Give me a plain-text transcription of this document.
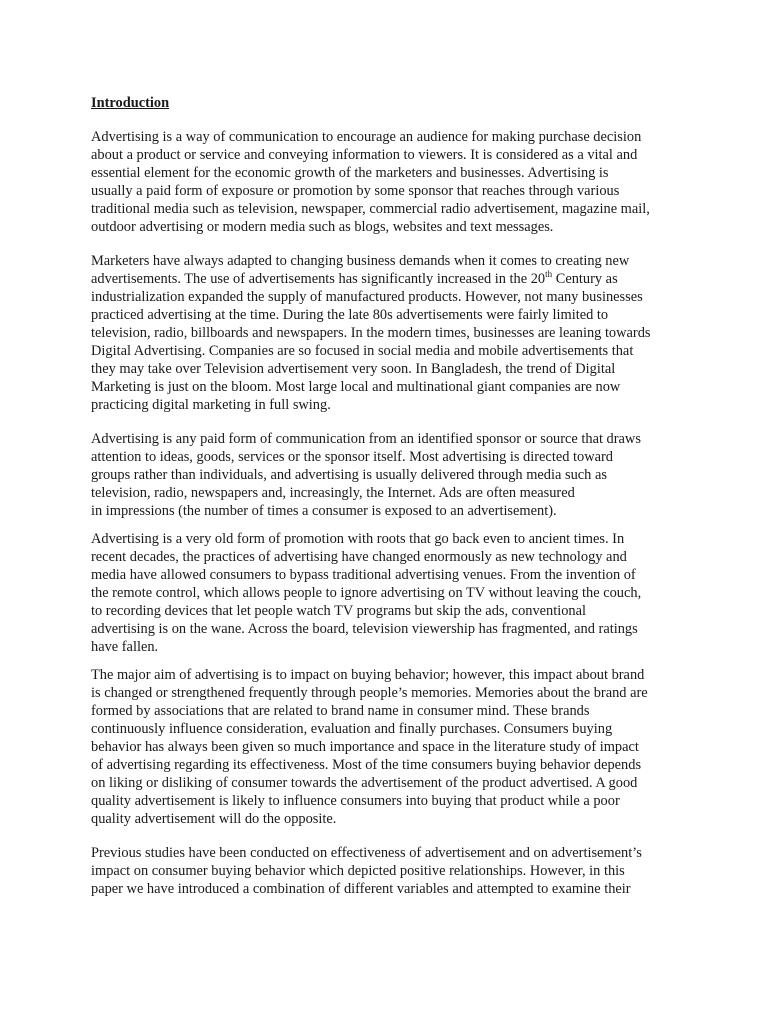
Introduction
Advertising is a way of communication to encourage an audience for making purchase decision
about a product or service and conveying information to viewers. It is considered as a vital and
essential element for the economic growth of the marketers and businesses. Advertising is
usually a paid form of exposure or promotion by some sponsor that reaches through various
traditional media such as television, newspaper, commercial radio advertisement, magazine mail,
outdoor advertising or modern media such as blogs, websites and text messages.
Marketers have always adapted to changing business demands when it comes to creating new
advertisements. The use of advertisements has significantly increased in the 20th Century as
industrialization expanded the supply of manufactured products. However, not many businesses
practiced advertising at the time. During the late 80s advertisements were fairly limited to
television, radio, billboards and newspapers. In the modern times, businesses are leaning towards
Digital Advertising. Companies are so focused in social media and mobile advertisements that
they may take over Television advertisement very soon. In Bangladesh, the trend of Digital
Marketing is just on the bloom. Most large local and multinational giant companies are now
practicing digital marketing in full swing.
Advertising is any paid form of communication from an identified sponsor or source that draws
attention to ideas, goods, services or the sponsor itself. Most advertising is directed toward
groups rather than individuals, and advertising is usually delivered through media such as
television, radio, newspapers and, increasingly, the Internet. Ads are often measured
in impressions (the number of times a consumer is exposed to an advertisement).
Advertising is a very old form of promotion with roots that go back even to ancient times. In
recent decades, the practices of advertising have changed enormously as new technology and
media have allowed consumers to bypass traditional advertising venues. From the invention of
the remote control, which allows people to ignore advertising on TV without leaving the couch,
to recording devices that let people watch TV programs but skip the ads, conventional
advertising is on the wane. Across the board, television viewership has fragmented, and ratings
have fallen.
The major aim of advertising is to impact on buying behavior; however, this impact about brand
is changed or strengthened frequently through people’s memories. Memories about the brand are
formed by associations that are related to brand name in consumer mind. These brands
continuously influence consideration, evaluation and finally purchases. Consumers buying
behavior has always been given so much importance and space in the literature study of impact
of advertising regarding its effectiveness. Most of the time consumers buying behavior depends
on liking or disliking of consumer towards the advertisement of the product advertised. A good
quality advertisement is likely to influence consumers into buying that product while a poor
quality advertisement will do the opposite.
Previous studies have been conducted on effectiveness of advertisement and on advertisement’s
impact on consumer buying behavior which depicted positive relationships. However, in this
paper we have introduced a combination of different variables and attempted to examine their
